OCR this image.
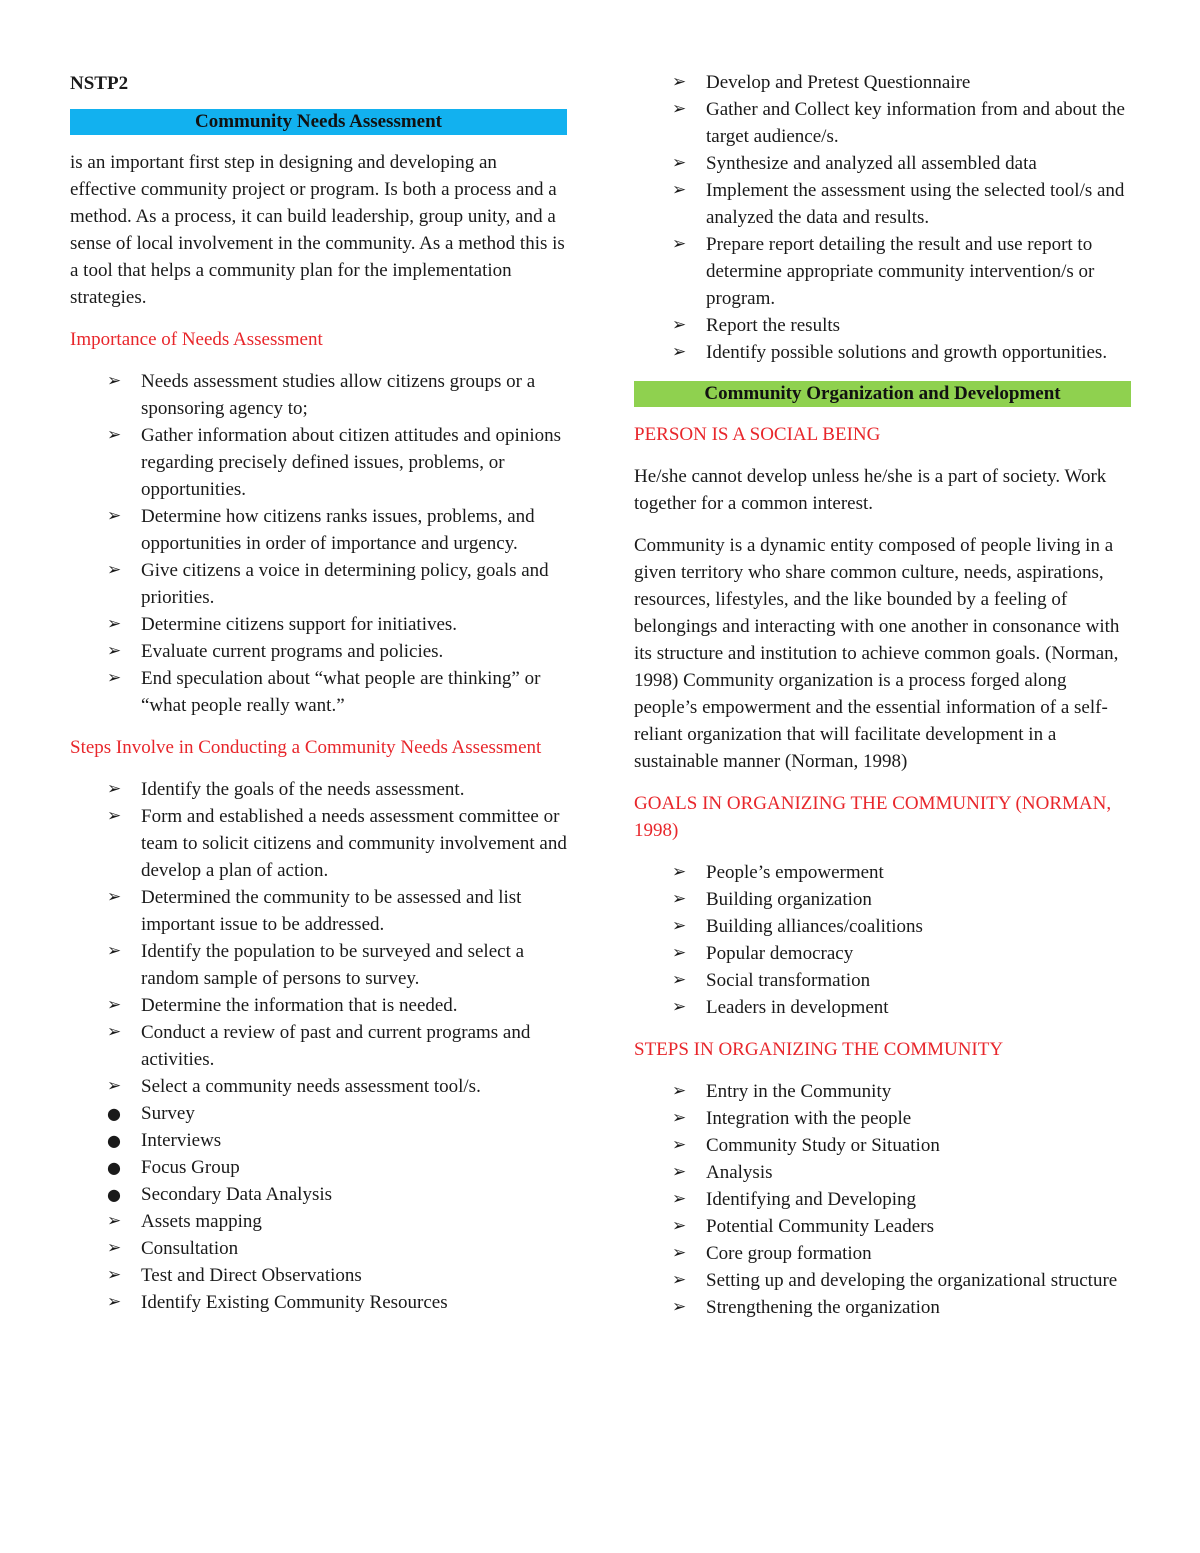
NSTP2

Community Needs Assessment

is an important first step in designing and developing an effective community project or program. Is both a process and a method. As a process, it can build leadership, group unity, and a sense of local involvement in the community. As a method this is a tool that helps a community plan for the implementation strategies.

Importance of Needs Assessment

➢	Needs assessment studies allow citizens groups or a sponsoring agency to;
➢	Gather information about citizen attitudes and opinions regarding precisely defined issues, problems, or opportunities.
➢	Determine how citizens ranks issues, problems, and opportunities in order of importance and urgency.
➢	Give citizens a voice in determining policy, goals and priorities.
➢	Determine citizens support for initiatives.
➢	Evaluate current programs and policies.
➢	End speculation about “what people are thinking” or “what people really want.”

Steps Involve in Conducting a Community Needs Assessment

➢	Identify the goals of the needs assessment.
➢	Form and established a needs assessment committee or team to solicit citizens and community involvement and develop a plan of action.
➢	Determined the community to be assessed and list important issue to be addressed.
➢	Identify the population to be surveyed and select a random sample of persons to survey.
➢	Determine the information that is needed.
➢	Conduct a review of past and current programs and activities.
➢	Select a community needs assessment tool/s.
●	Survey
●	Interviews
●	Focus Group
●	Secondary Data Analysis
➢	Assets mapping
➢	Consultation
➢	Test and Direct Observations
➢	Identify Existing Community Resources
➢	Develop and Pretest Questionnaire
➢	Gather and Collect key information from and about the target audience/s.
➢	Synthesize and analyzed all assembled data
➢	Implement the assessment using the selected tool/s and analyzed the data and results.
➢	Prepare report detailing the result and use report to determine appropriate community intervention/s or program.
➢	Report the results
➢	Identify possible solutions and growth opportunities.
Community Organization and Development

PERSON IS A SOCIAL BEING

He/she cannot develop unless he/she is a part of society. Work together for a common interest.

Community is a dynamic entity composed of people living in a given territory who share common culture, needs, aspirations, resources, lifestyles, and the like bounded by a feeling of belongings and interacting with one another in consonance with its structure and institution to achieve common goals. (Norman, 1998) Community organization is a process forged along people’s empowerment and the essential information of a self- reliant organization that will facilitate development in a sustainable manner (Norman, 1998)

GOALS IN ORGANIZING THE COMMUNITY (NORMAN, 1998)

➢	People’s empowerment
➢	Building organization
➢	Building alliances/coalitions
➢	Popular democracy
➢	Social transformation
➢	Leaders in development

STEPS IN ORGANIZING THE COMMUNITY

➢	Entry in the Community
➢	Integration with the people
➢	Community Study or Situation
➢	Analysis
➢	Identifying and Developing
➢	Potential Community Leaders
➢	Core group formation
➢	Setting up and developing the organizational structure
➢	Strengthening the organization
